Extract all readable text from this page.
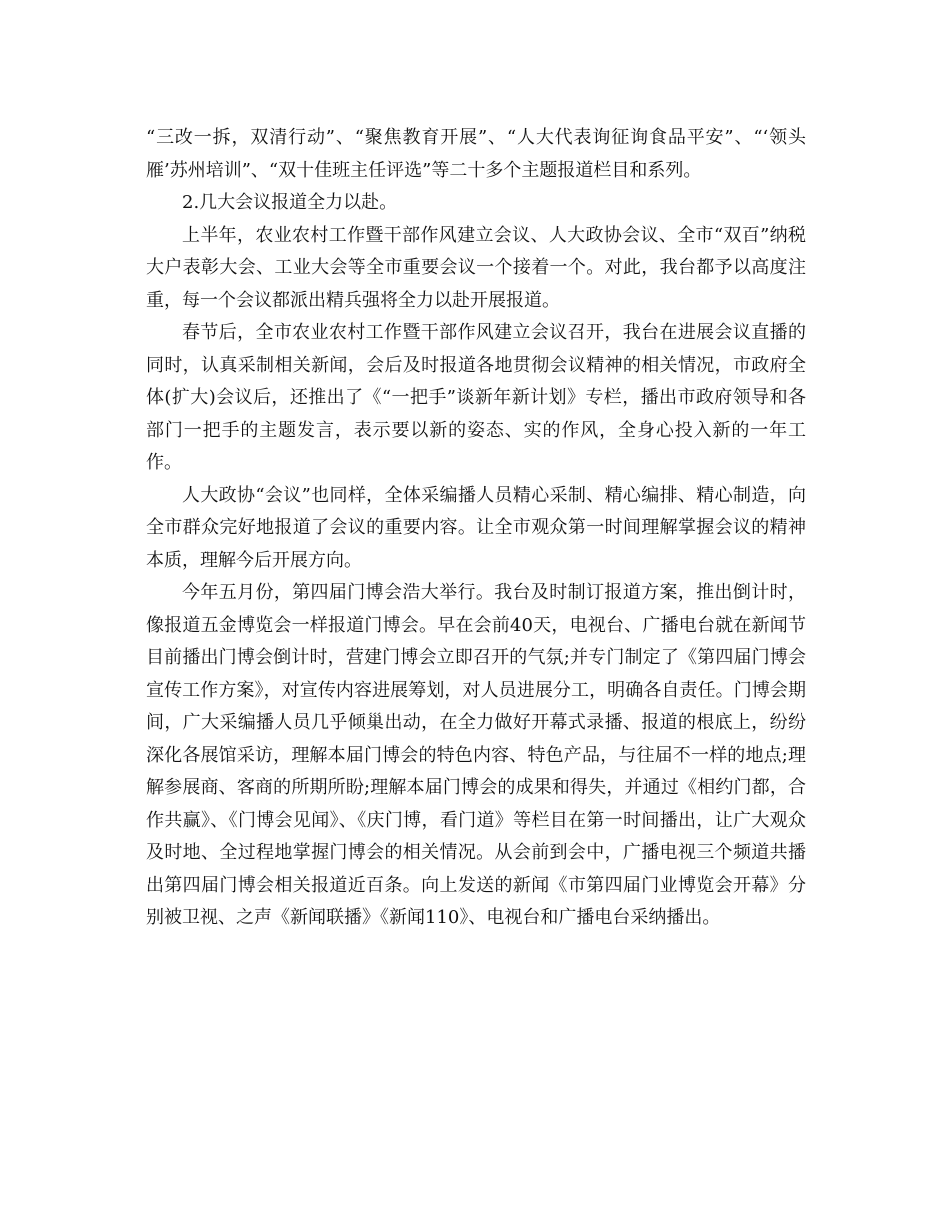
“三改一拆，双清行动”、“聚焦教育开展”、“人大代表询征询食品平安”、“‘领头雁’苏州培训”、“双十佳班主任评选”等二十多个主题报道栏目和系列。

2.几大会议报道全力以赴。

上半年，农业农村工作暨干部作风建立会议、人大政协会议、全市“双百”纳税大户表彰大会、工业大会等全市重要会议一个接着一个。对此，我台都予以高度注重，每一个会议都派出精兵强将全力以赴开展报道。

春节后，全市农业农村工作暨干部作风建立会议召开，我台在进展会议直播的同时，认真采制相关新闻，会后及时报道各地贯彻会议精神的相关情况，市政府全体(扩大)会议后，还推出了《“一把手”谈新年新计划》专栏，播出市政府领导和各部门一把手的主题发言，表示要以新的姿态、实的作风，全身心投入新的一年工作。

人大政协“会议”也同样，全体采编播人员精心采制、精心编排、精心制造，向全市群众完好地报道了会议的重要内容。让全市观众第一时间理解掌握会议的精神本质，理解今后开展方向。

今年五月份，第四届门博会浩大举行。我台及时制订报道方案，推出倒计时，像报道五金博览会一样报道门博会。早在会前40天，电视台、广播电台就在新闻节目前播出门博会倒计时，营建门博会立即召开的气氛;并专门制定了《第四届门博会宣传工作方案》，对宣传内容进展筹划，对人员进展分工，明确各自责任。门博会期间，广大采编播人员几乎倾巢出动，在全力做好开幕式录播、报道的根底上，纷纷深化各展馆采访，理解本届门博会的特色内容、特色产品，与往届不一样的地点;理解参展商、客商的所期所盼;理解本届门博会的成果和得失，并通过《相约门都，合作共赢》、《门博会见闻》、《庆门博，看门道》等栏目在第一时间播出，让广大观众及时地、全过程地掌握门博会的相关情况。从会前到会中，广播电视三个频道共播出第四届门博会相关报道近百条。向上发送的新闻《市第四届门业博览会开幕》分别被卫视、之声《新闻联播》《新闻110》、电视台和广播电台采纳播出。
